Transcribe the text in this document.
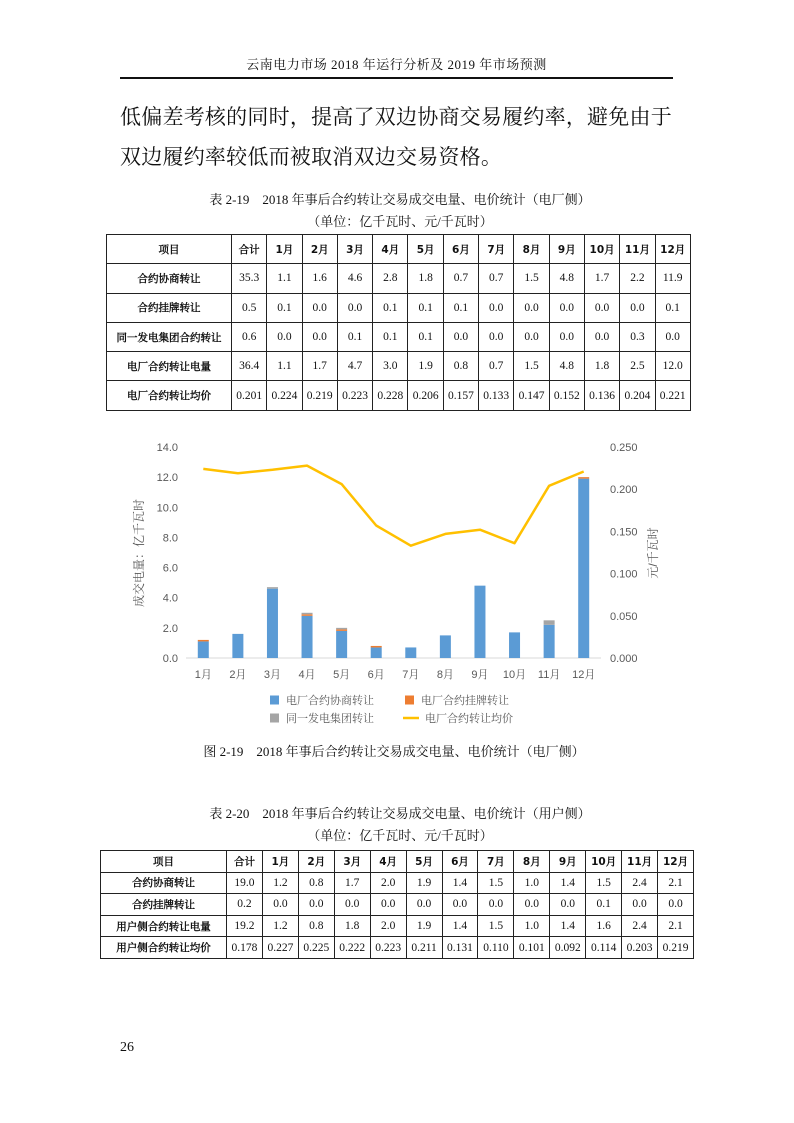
云南电力市场 2018 年运行分析及 2019 年市场预测
低偏差考核的同时，提高了双边协商交易履约率，避免由于
双边履约率较低而被取消双边交易资格。
表 2-19　2018 年事后合约转让交易成交电量、电价统计（电厂侧）
（单位：亿千瓦时、元/千瓦时）
项目	合计	1月	2月	3月	4月	5月	6月	7月	8月	9月	10月	11月	12月
合约协商转让	35.3	1.1	1.6	4.6	2.8	1.8	0.7	0.7	1.5	4.8	1.7	2.2	11.9
合约挂牌转让	0.5	0.1	0.0	0.0	0.1	0.1	0.1	0.0	0.0	0.0	0.0	0.0	0.1
同一发电集团合约转让	0.6	0.0	0.0	0.1	0.1	0.1	0.0	0.0	0.0	0.0	0.0	0.3	0.0
电厂合约转让电量	36.4	1.1	1.7	4.7	3.0	1.9	0.8	0.7	1.5	4.8	1.8	2.5	12.0
电厂合约转让均价	0.201	0.224	0.219	0.223	0.228	0.206	0.157	0.133	0.147	0.152	0.136	0.204	0.221
0.0
2.0
4.0
6.0
8.0
10.0
12.0
14.0
0.000
0.050
0.100
0.150
0.200
0.250
成交电量：亿千瓦时	元/千瓦时
1月 2月 3月 4月 5月 6月 7月 8月 9月 10月 11月 12月
电厂合约协商转让	电厂合约挂牌转让
同一发电集团转让	电厂合约转让均价
图 2-19　2018 年事后合约转让交易成交电量、电价统计（电厂侧）
表 2-20　2018 年事后合约转让交易成交电量、电价统计（用户侧）
（单位：亿千瓦时、元/千瓦时）
项目	合计	1月	2月	3月	4月	5月	6月	7月	8月	9月	10月	11月	12月
合约协商转让	19.0	1.2	0.8	1.7	2.0	1.9	1.4	1.5	1.0	1.4	1.5	2.4	2.1
合约挂牌转让	0.2	0.0	0.0	0.0	0.0	0.0	0.0	0.0	0.0	0.0	0.1	0.0	0.0
用户侧合约转让电量	19.2	1.2	0.8	1.8	2.0	1.9	1.4	1.5	1.0	1.4	1.6	2.4	2.1
用户侧合约转让均价	0.178	0.227	0.225	0.222	0.223	0.211	0.131	0.110	0.101	0.092	0.114	0.203	0.219
26
